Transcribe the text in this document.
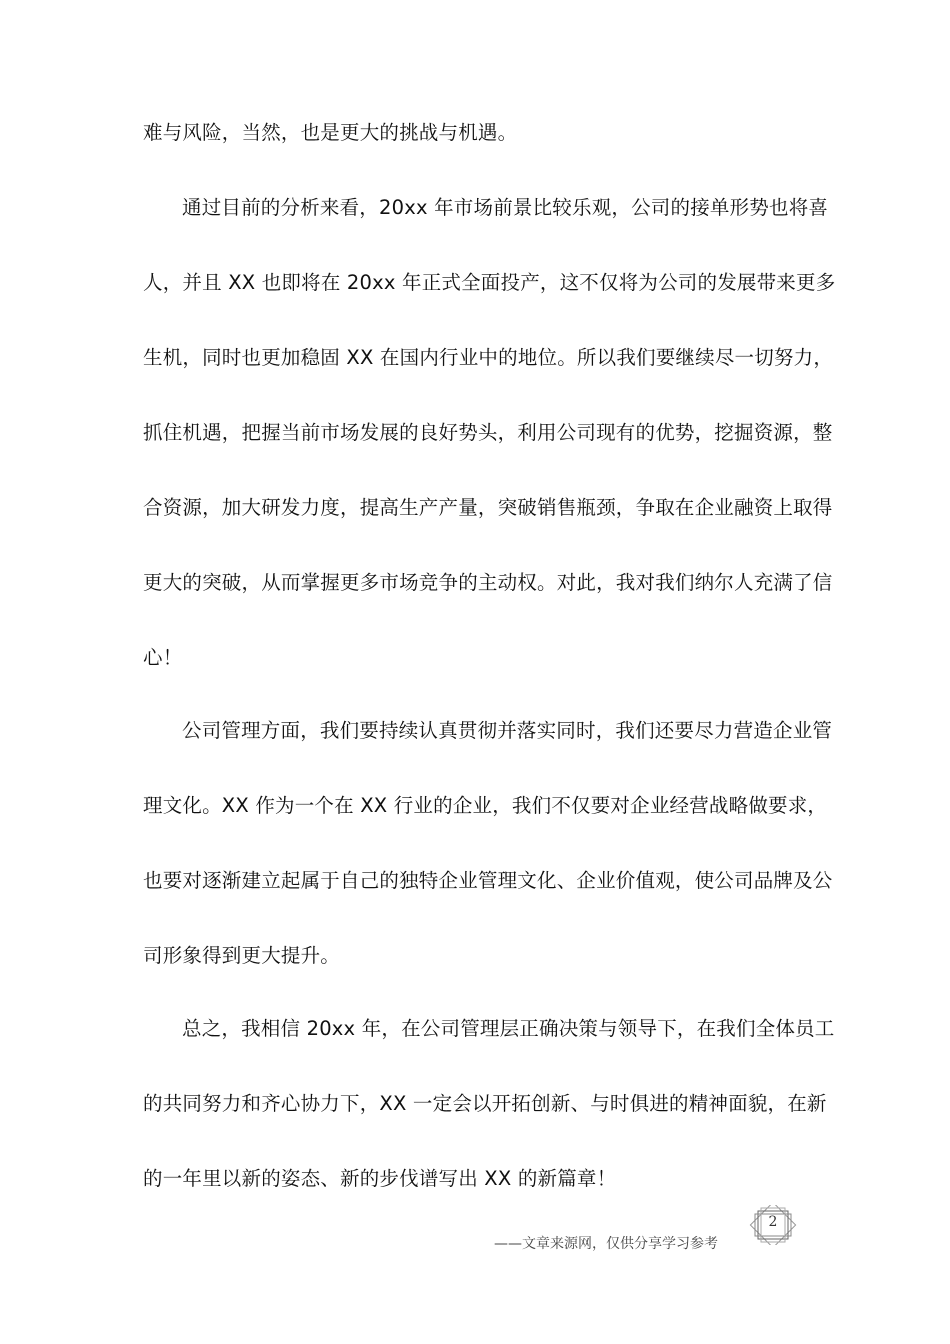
难与风险，当然，也是更大的挑战与机遇。
通过目前的分析来看，20xx 年市场前景比较乐观，公司的接单形势也将喜
人，并且 XX 也即将在 20xx 年正式全面投产，这不仅将为公司的发展带来更多
生机，同时也更加稳固 XX 在国内行业中的地位。所以我们要继续尽一切努力，
抓住机遇，把握当前市场发展的良好势头，利用公司现有的优势，挖掘资源，整
合资源，加大研发力度，提高生产产量，突破销售瓶颈，争取在企业融资上取得
更大的突破，从而掌握更多市场竞争的主动权。对此，我对我们纳尔人充满了信
心！
公司管理方面，我们要持续认真贯彻并落实同时，我们还要尽力营造企业管
理文化。XX 作为一个在 XX 行业的企业，我们不仅要对企业经营战略做要求，
也要对逐渐建立起属于自己的独特企业管理文化、企业价值观，使公司品牌及公
司形象得到更大提升。
总之，我相信 20xx 年，在公司管理层正确决策与领导下，在我们全体员工
的共同努力和齐心协力下，XX 一定会以开拓创新、与时俱进的精神面貌，在新
的一年里以新的姿态、新的步伐谱写出 XX 的新篇章！
——文章来源网，仅供分享学习参考
2
